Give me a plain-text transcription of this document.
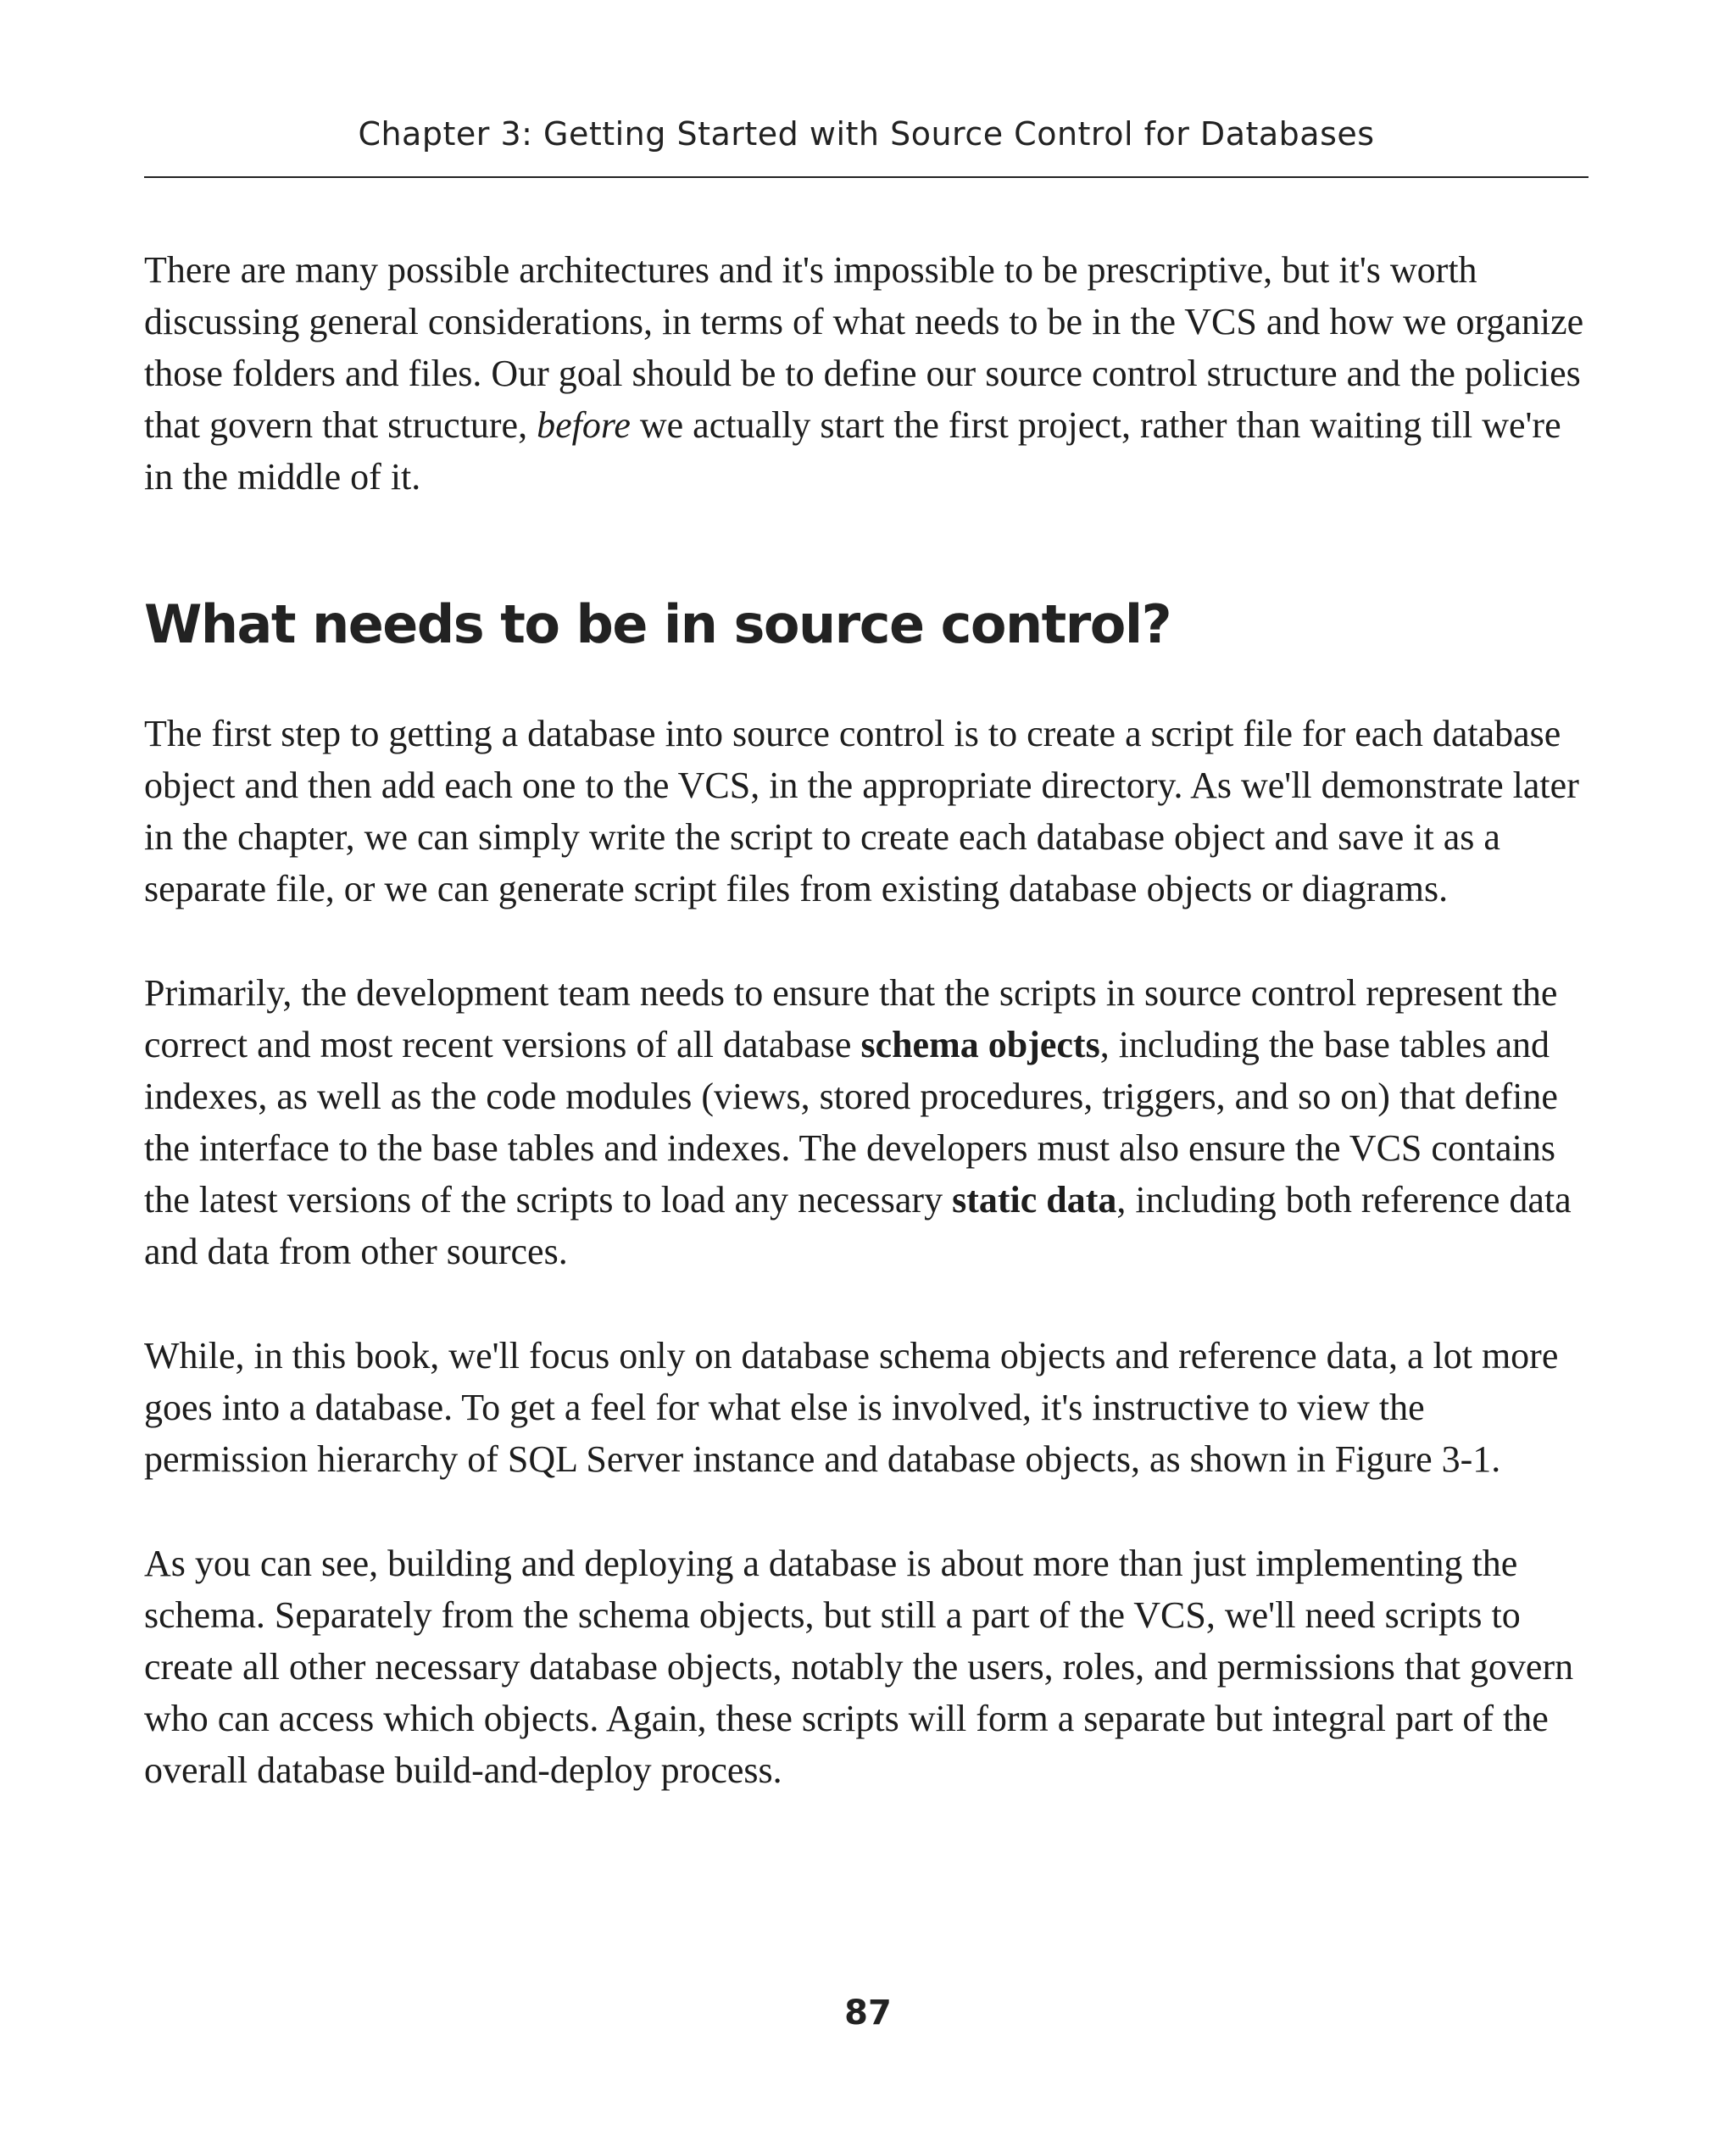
Chapter 3: Getting Started with Source Control for Databases

There are many possible architectures and it's impossible to be prescriptive, but it's worth discussing general considerations, in terms of what needs to be in the VCS and how we organize those folders and files. Our goal should be to define our source control structure and the policies that govern that structure, before we actually start the first project, rather than waiting till we're in the middle of it.

What needs to be in source control?

The first step to getting a database into source control is to create a script file for each database object and then add each one to the VCS, in the appropriate directory. As we'll demonstrate later in the chapter, we can simply write the script to create each database object and save it as a separate file, or we can generate script files from existing database objects or diagrams.

Primarily, the development team needs to ensure that the scripts in source control represent the correct and most recent versions of all database schema objects, including the base tables and indexes, as well as the code modules (views, stored procedures, triggers, and so on) that define the interface to the base tables and indexes. The developers must also ensure the VCS contains the latest versions of the scripts to load any necessary static data, including both reference data and data from other sources.

While, in this book, we'll focus only on database schema objects and reference data, a lot more goes into a database. To get a feel for what else is involved, it's instructive to view the permission hierarchy of SQL Server instance and database objects, as shown in Figure 3-1.

As you can see, building and deploying a database is about more than just implementing the schema. Separately from the schema objects, but still a part of the VCS, we'll need scripts to create all other necessary database objects, notably the users, roles, and permissions that govern who can access which objects. Again, these scripts will form a separate but integral part of the overall database build-and-deploy process.

87
